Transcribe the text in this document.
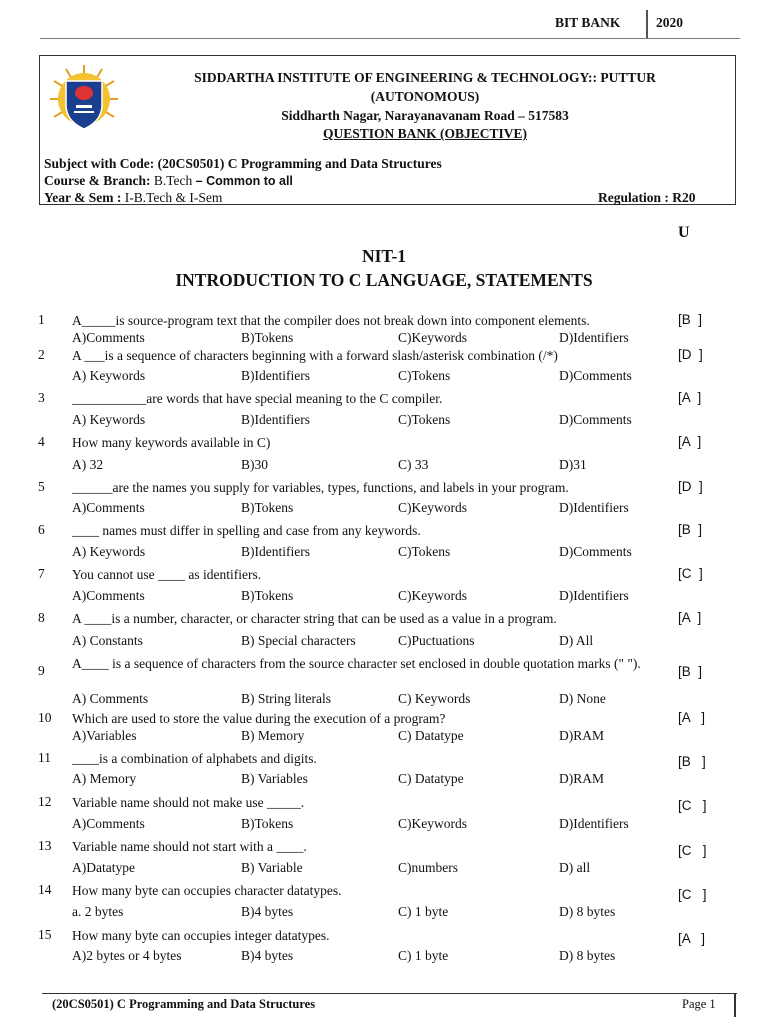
BIT BANK	2020
SIDDARTHA INSTITUTE OF ENGINEERING & TECHNOLOGY:: PUTTUR
(AUTONOMOUS)
Siddharth Nagar, Narayanavanam Road – 517583
QUESTION BANK (OBJECTIVE)
Subject with Code: (20CS0501) C Programming and Data Structures
Course & Branch: B.Tech – Common to all
Year & Sem : I-B.Tech & I-Sem	Regulation : R20
U
NIT-1
INTRODUCTION TO C LANGUAGE, STATEMENTS
1 A_____is source-program text that the compiler does not break down into component elements.
A)Comments	B)Tokens	C)Keywords	D)Identifiers
[B  ]
2 A ___is a sequence of characters beginning with a forward slash/asterisk combination (/*)
A) Keywords	B)Identifiers	C)Tokens	D)Comments
[D  ]
3 ___________are words that have special meaning to the C compiler.
A) Keywords	B)Identifiers	C)Tokens	D)Comments
[A  ]
4 How many keywords available in C)
A) 32	B)30	C) 33	D)31
[A  ]
5 ______are the names you supply for variables, types, functions, and labels in your program.
A)Comments	B)Tokens	C)Keywords	D)Identifiers
[D  ]
6 ____ names must differ in spelling and case from any keywords.
A) Keywords	B)Identifiers	C)Tokens	D)Comments
[B  ]
7 You cannot use ____ as identifiers.
A)Comments	B)Tokens	C)Keywords	D)Identifiers
[C  ]
8 A ____is a number, character, or character string that can be used as a value in a program.
A) Constants	B) Special characters	C)Puctuations	D) All
[A  ]
9 A____ is a sequence of characters from the source character set enclosed in double quotation marks (" ").
A) Comments	B) String literals	C) Keywords	D) None
[B  ]
10 Which are used to store the value during the execution of a program?
A)Variables	B) Memory	C) Datatype	D)RAM
[A   ]
11 ____is a combination of alphabets and digits.
A) Memory	B) Variables	C) Datatype	D)RAM
[B   ]
12 Variable name should not make use _____.
A)Comments	B)Tokens	C)Keywords	D)Identifiers
[C   ]
13 Variable name should not start with a ____.
A)Datatype	B) Variable	C)numbers	D) all
[C   ]
14 How many byte can occupies character datatypes.
a. 2 bytes	B)4 bytes	C) 1 byte	D) 8 bytes
[C   ]
15 How many byte can occupies integer datatypes.
A)2 bytes or 4 bytes	B)4 bytes	C) 1 byte	D) 8 bytes
[A   ]
(20CS0501) C Programming and Data Structures	Page 1
